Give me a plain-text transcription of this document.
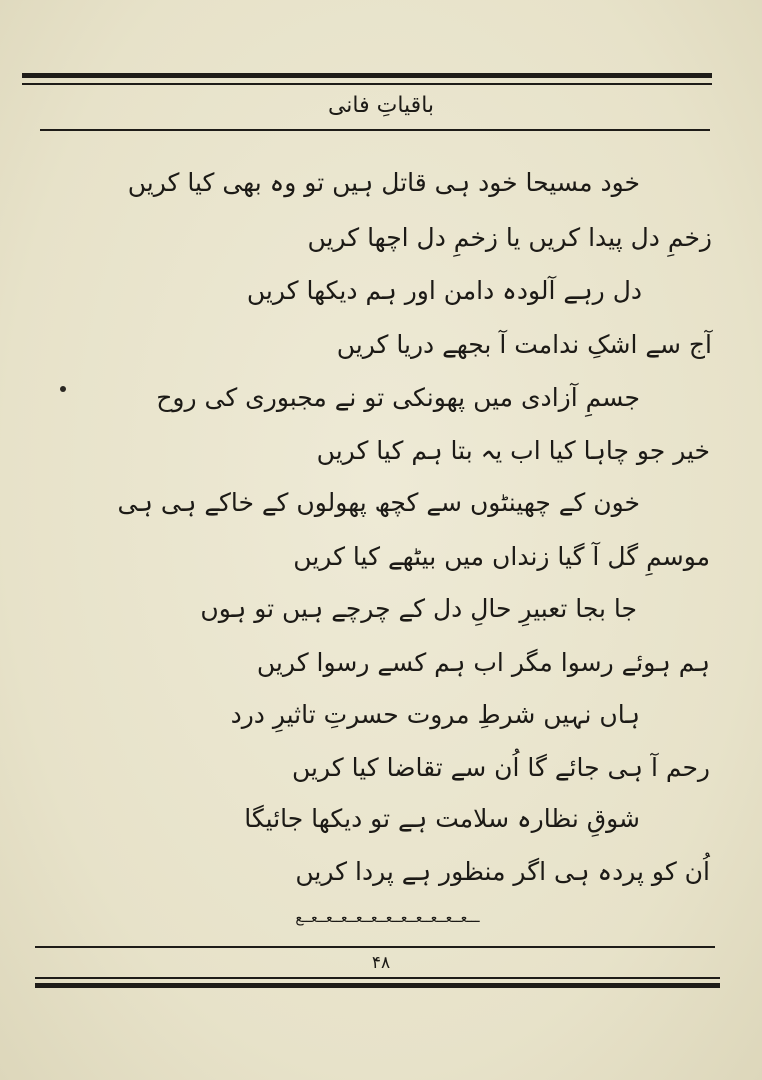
باقیاتِ فانی
خود مسیحا خود ہی قاتل ہیں تو وہ بھی کیا کریں
زخمِ دل پیدا کریں یا زخمِ دل اچھا کریں
دل رہے آلودہ دامن اور ہم دیکھا کریں
آج سے اشکِ ندامت آ بجھے دریا کریں
جسمِ آزادی میں پھونکی تو نے مجبوری کی روح
خیر جو چاہا کیا اب یہ بتا ہم کیا کریں
خون کے چھینٹوں سے کچھ پھولوں کے خاکے ہی ہی
موسمِ گل آ گیا زنداں میں بیٹھے کیا کریں
جا بجا تعبیرِ حالِ دل کے چرچے ہیں تو ہوں
ہم ہوئے رسوا مگر اب ہم کسے رسوا کریں
ہاں نہیں شرطِ مروت حسرتِ تاثیرِ درد
رحم آ ہی جائے گا اُن سے تقاضا کیا کریں
شوقِ نظارہ سلامت ہے تو دیکھا جائیگا
اُن کو پردہ ہی اگر منظور ہے پردا کریں
ـــعــعــعــعــعــعــعــعــعــعــعــع
۴۸
